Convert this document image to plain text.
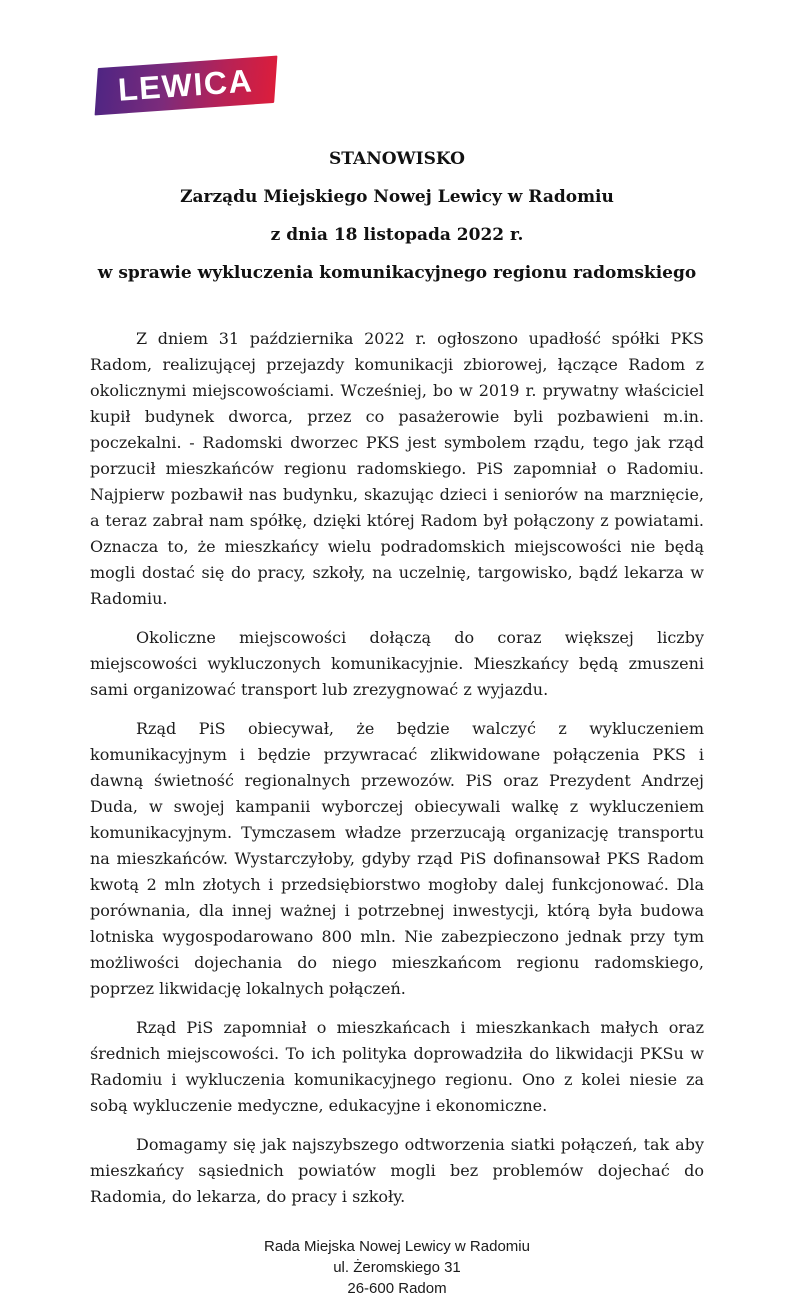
LEWICA

STANOWISKO

Zarządu Miejskiego Nowej Lewicy w Radomiu

z dnia 18 listopada 2022 r.

w sprawie wykluczenia komunikacyjnego regionu radomskiego

Z dniem 31 października 2022 r. ogłoszono upadłość spółki PKS Radom, realizującej przejazdy komunikacji zbiorowej, łączące Radom z okolicznymi miejscowościami. Wcześniej, bo w 2019 r. prywatny właściciel kupił budynek dworca, przez co pasażerowie byli pozbawieni m.in. poczekalni. - Radomski dworzec PKS jest symbolem rządu, tego jak rząd porzucił mieszkańców regionu radomskiego. PiS zapomniał o Radomiu. Najpierw pozbawił nas budynku, skazując dzieci i seniorów na marznięcie, a teraz zabrał nam spółkę, dzięki której Radom był połączony z powiatami. Oznacza to, że mieszkańcy wielu podradomskich miejscowości nie będą mogli dostać się do pracy, szkoły, na uczelnię, targowisko, bądź lekarza w Radomiu.

Okoliczne miejscowości dołączą do coraz większej liczby miejscowości wykluczonych komunikacyjnie. Mieszkańcy będą zmuszeni sami organizować transport lub zrezygnować z wyjazdu.

Rząd PiS obiecywał, że będzie walczyć z wykluczeniem komunikacyjnym i będzie przywracać zlikwidowane połączenia PKS i dawną świetność regionalnych przewozów. PiS oraz Prezydent Andrzej Duda, w swojej kampanii wyborczej obiecywali walkę z wykluczeniem komunikacyjnym. Tymczasem władze przerzucają organizację transportu na mieszkańców. Wystarczyłoby, gdyby rząd PiS dofinansował PKS Radom kwotą 2 mln złotych i przedsiębiorstwo mogłoby dalej funkcjonować. Dla porównania, dla innej ważnej i potrzebnej inwestycji, którą była budowa lotniska wygospodarowano 800 mln. Nie zabezpieczono jednak przy tym możliwości dojechania do niego mieszkańcom regionu radomskiego, poprzez likwidację lokalnych połączeń.

Rząd PiS zapomniał o mieszkańcach i mieszkankach małych oraz średnich miejscowości. To ich polityka doprowadziła do likwidacji PKSu w Radomiu i wykluczenia komunikacyjnego regionu. Ono z kolei niesie za sobą wykluczenie medyczne, edukacyjne i ekonomiczne.

Domagamy się jak najszybszego odtworzenia siatki połączeń, tak aby mieszkańcy sąsiednich powiatów mogli bez problemów dojechać do Radomia, do lekarza, do pracy i szkoły.

Rada Miejska Nowej Lewicy w Radomiu
ul. Żeromskiego 31
26-600 Radom
